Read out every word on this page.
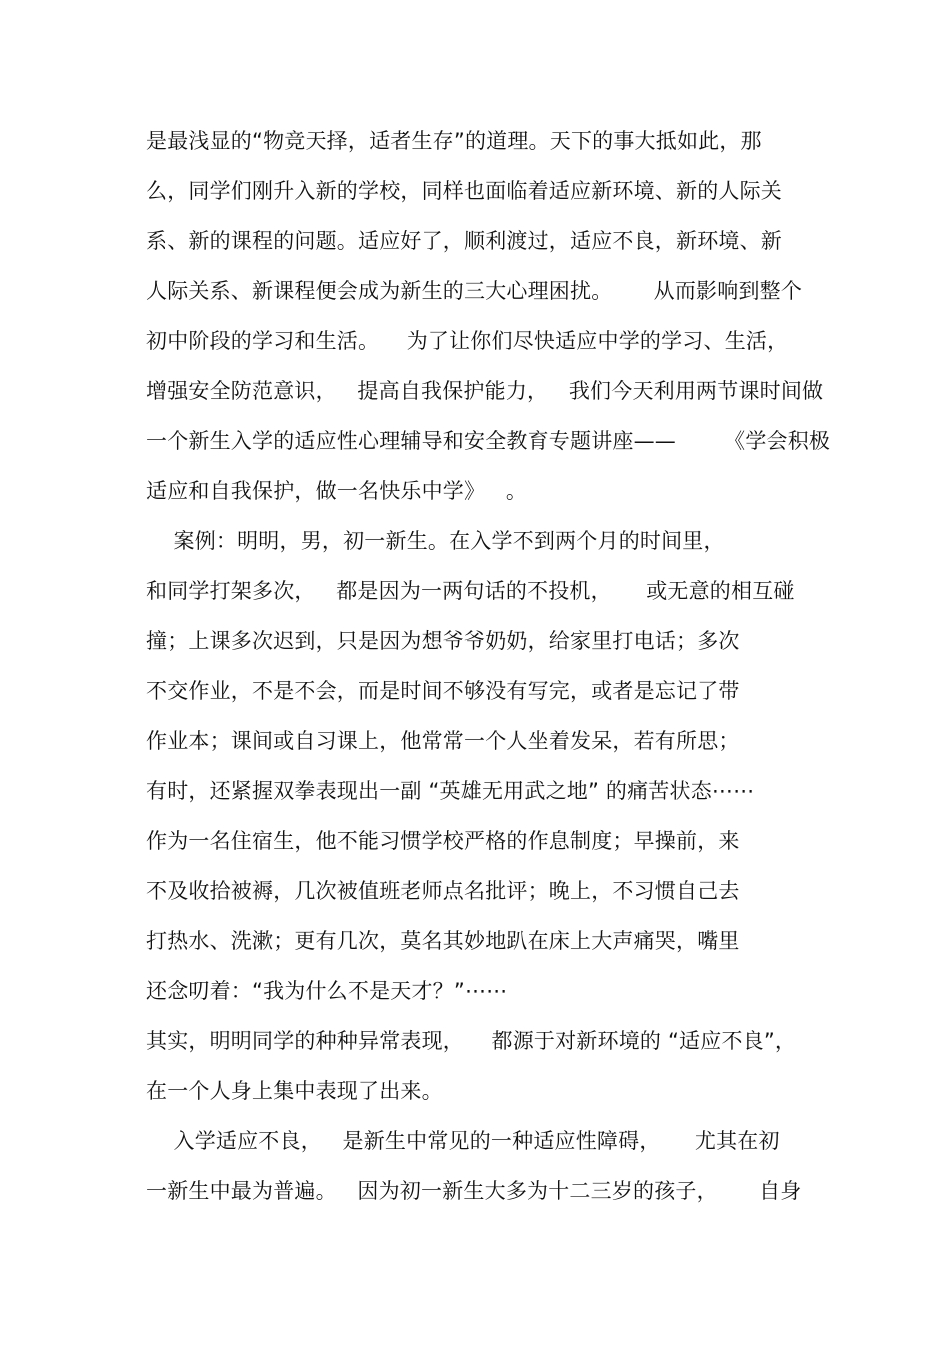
是最浅显的“物竞天择，适者生存”的道理。天下的事大抵如此，那
么，同学们刚升入新的学校，同样也面临着适应新环境、新的人际关
系、新的课程的问题。适应好了，顺利渡过，适应不良，新环境、新
人际关系、新课程便会成为新生的三大心理困扰。      从而影响到整个
初中阶段的学习和生活。    为了让你们尽快适应中学的学习、生活，
增强安全防范意识，   提高自我保护能力，   我们今天利用两节课时间做
一个新生入学的适应性心理辅导和安全教育专题讲座——       《学会积极
适应和自我保护，做一名快乐中学》   。
案例：明明，男，初一新生。在入学不到两个月的时间里，
和同学打架多次，   都是因为一两句话的不投机，     或无意的相互碰
撞；上课多次迟到，只是因为想爷爷奶奶，给家里打电话；多次
不交作业，不是不会，而是时间不够没有写完，或者是忘记了带
作业本；课间或自习课上，他常常一个人坐着发呆，若有所思；
有时，还紧握双拳表现出一副 “英雄无用武之地” 的痛苦状态⋯⋯
作为一名住宿生，他不能习惯学校严格的作息制度；早操前，来
不及收拾被褥，几次被值班老师点名批评；晚上，不习惯自己去
打热水、洗漱；更有几次，莫名其妙地趴在床上大声痛哭，嘴里
还念叨着：“我为什么不是天才？”⋯⋯
其实，明明同学的种种异常表现，    都源于对新环境的 “适应不良”，
在一个人身上集中表现了出来。
入学适应不良，   是新生中常见的一种适应性障碍，     尤其在初
一新生中最为普遍。   因为初一新生大多为十二三岁的孩子，      自身
